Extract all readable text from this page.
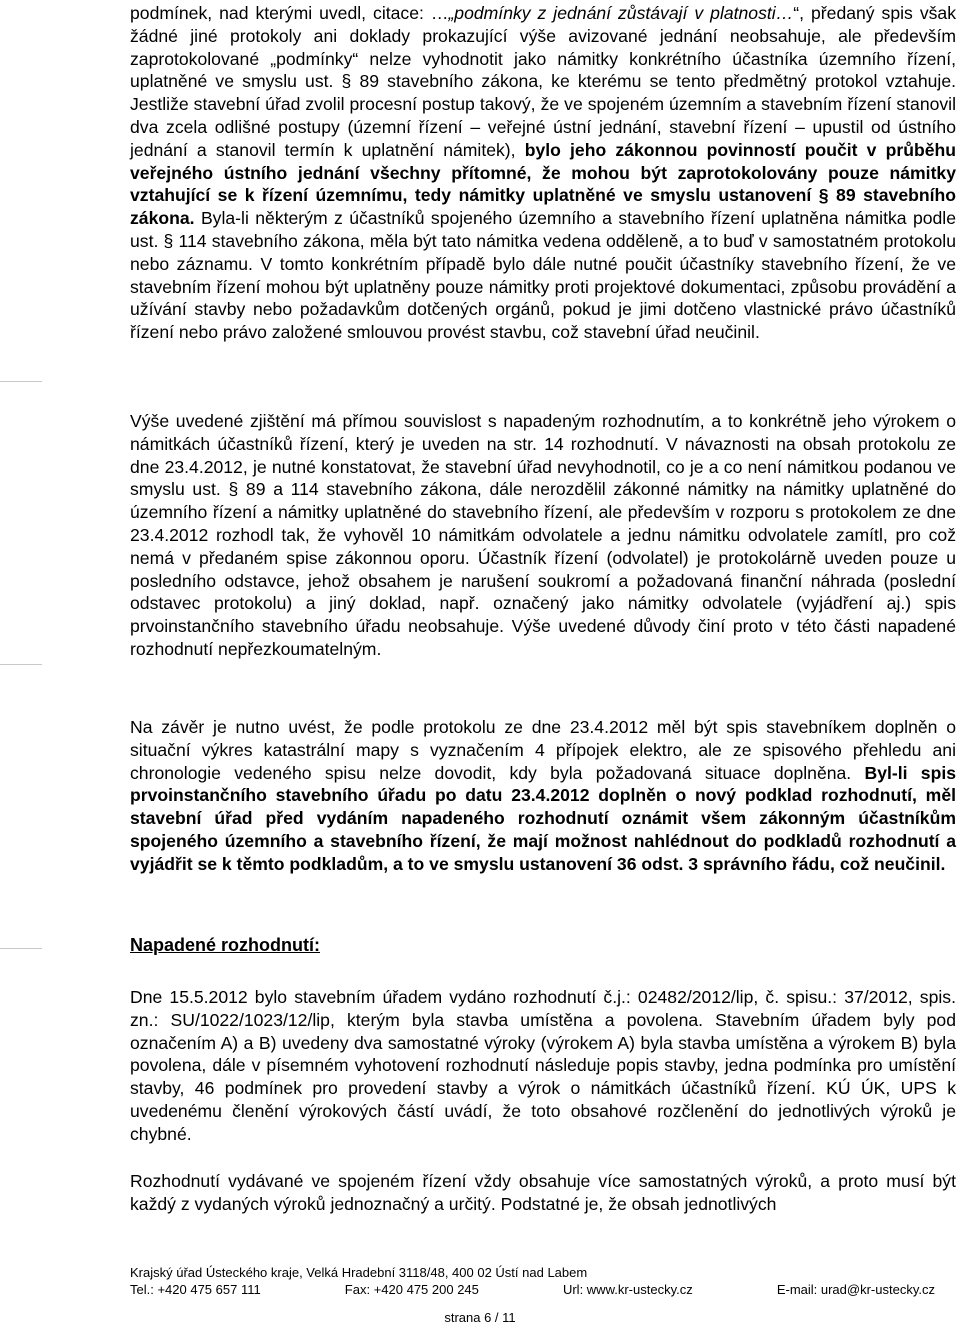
podmínek, nad kterými uvedl, citace: …„podmínky z jednání zůstávají v platnosti…“, předaný spis však žádné jiné protokoly ani doklady prokazující výše avizované jednání neobsahuje, ale především zaprotokolované „podmínky“ nelze vyhodnotit jako námitky konkrétního účastníka územního řízení, uplatněné ve smyslu ust. § 89 stavebního zákona, ke kterému se tento předmětný protokol vztahuje. Jestliže stavební úřad zvolil procesní postup takový, že ve spojeném územním a stavebním řízení stanovil dva zcela odlišné postupy (územní řízení – veřejné ústní jednání, stavební řízení – upustil od ústního jednání a stanovil termín k uplatnění námitek), bylo jeho zákonnou povinností poučit v průběhu veřejného ústního jednání všechny přítomné, že mohou být zaprotokolovány pouze námitky vztahující se k řízení územnímu, tedy námitky uplatněné ve smyslu ustanovení § 89 stavebního zákona. Byla-li některým z účastníků spojeného územního a stavebního řízení uplatněna námitka podle ust. § 114 stavebního zákona, měla být tato námitka vedena odděleně, a to buď v samostatném protokolu nebo záznamu. V tomto konkrétním případě bylo dále nutné poučit účastníky stavebního řízení, že ve stavebním řízení mohou být uplatněny pouze námitky proti projektové dokumentaci, způsobu provádění a užívání stavby nebo požadavkům dotčených orgánů, pokud je jimi dotčeno vlastnické právo účastníků řízení nebo právo založené smlouvou provést stavbu, což stavební úřad neučinil.

Výše uvedené zjištění má přímou souvislost s napadeným rozhodnutím, a to konkrétně jeho výrokem o námitkách účastníků řízení, který je uveden na str. 14 rozhodnutí. V návaznosti na obsah protokolu ze dne 23.4.2012, je nutné konstatovat, že stavební úřad nevyhodnotil, co je a co není námitkou podanou ve smyslu ust. § 89 a 114 stavebního zákona, dále nerozdělil zákonné námitky na námitky uplatněné do územního řízení a námitky uplatněné do stavebního řízení, ale především v rozporu s protokolem ze dne 23.4.2012 rozhodl tak, že vyhověl 10 námitkám odvolatele a jednu námitku odvolatele zamítl, pro což nemá v předaném spise zákonnou oporu. Účastník řízení (odvolatel) je protokolárně uveden pouze u posledního odstavce, jehož obsahem je narušení soukromí a požadovaná finanční náhrada (poslední odstavec protokolu) a jiný doklad, např. označený jako námitky odvolatele (vyjádření aj.) spis prvoinstančního stavebního úřadu neobsahuje. Výše uvedené důvody činí proto v této části napadené rozhodnutí nepřezkoumatelným.

Na závěr je nutno uvést, že podle protokolu ze dne 23.4.2012 měl být spis stavebníkem doplněn o situační výkres katastrální mapy s vyznačením 4 přípojek elektro, ale ze spisového přehledu ani chronologie vedeného spisu nelze dovodit, kdy byla požadovaná situace doplněna. Byl-li spis prvoinstančního stavebního úřadu po datu 23.4.2012 doplněn o nový podklad rozhodnutí, měl stavební úřad před vydáním napadeného rozhodnutí oznámit všem zákonným účastníkům spojeného územního a stavebního řízení, že mají možnost nahlédnout do podkladů rozhodnutí a vyjádřit se k těmto podkladům, a to ve smyslu ustanovení 36 odst. 3 správního řádu, což neučinil.

Napadené rozhodnutí:

Dne 15.5.2012 bylo stavebním úřadem vydáno rozhodnutí č.j.: 02482/2012/lip, č. spisu.: 37/2012, spis. zn.: SU/1022/1023/12/lip, kterým byla stavba umístěna a povolena. Stavebním úřadem byly pod označením A) a B) uvedeny dva samostatné výroky (výrokem A) byla stavba umístěna a výrokem B) byla povolena, dále v písemném vyhotovení rozhodnutí následuje popis stavby, jedna podmínka pro umístění stavby, 46 podmínek pro provedení stavby a výrok o námitkách účastníků řízení. KÚ ÚK, UPS k uvedenému členění výrokových částí uvádí, že toto obsahové rozčlenění do jednotlivých výroků je chybné.

Rozhodnutí vydávané ve spojeném řízení vždy obsahuje více samostatných výroků, a proto musí být každý z vydaných výroků jednoznačný a určitý. Podstatné je, že obsah jednotlivých

Krajský úřad Ústeckého kraje, Velká Hradební 3118/48, 400 02 Ústí nad Labem
Tel.: +420 475 657 111	Fax: +420 475 200 245	Url: www.kr-ustecky.cz	E-mail: urad@kr-ustecky.cz
strana 6 / 11
